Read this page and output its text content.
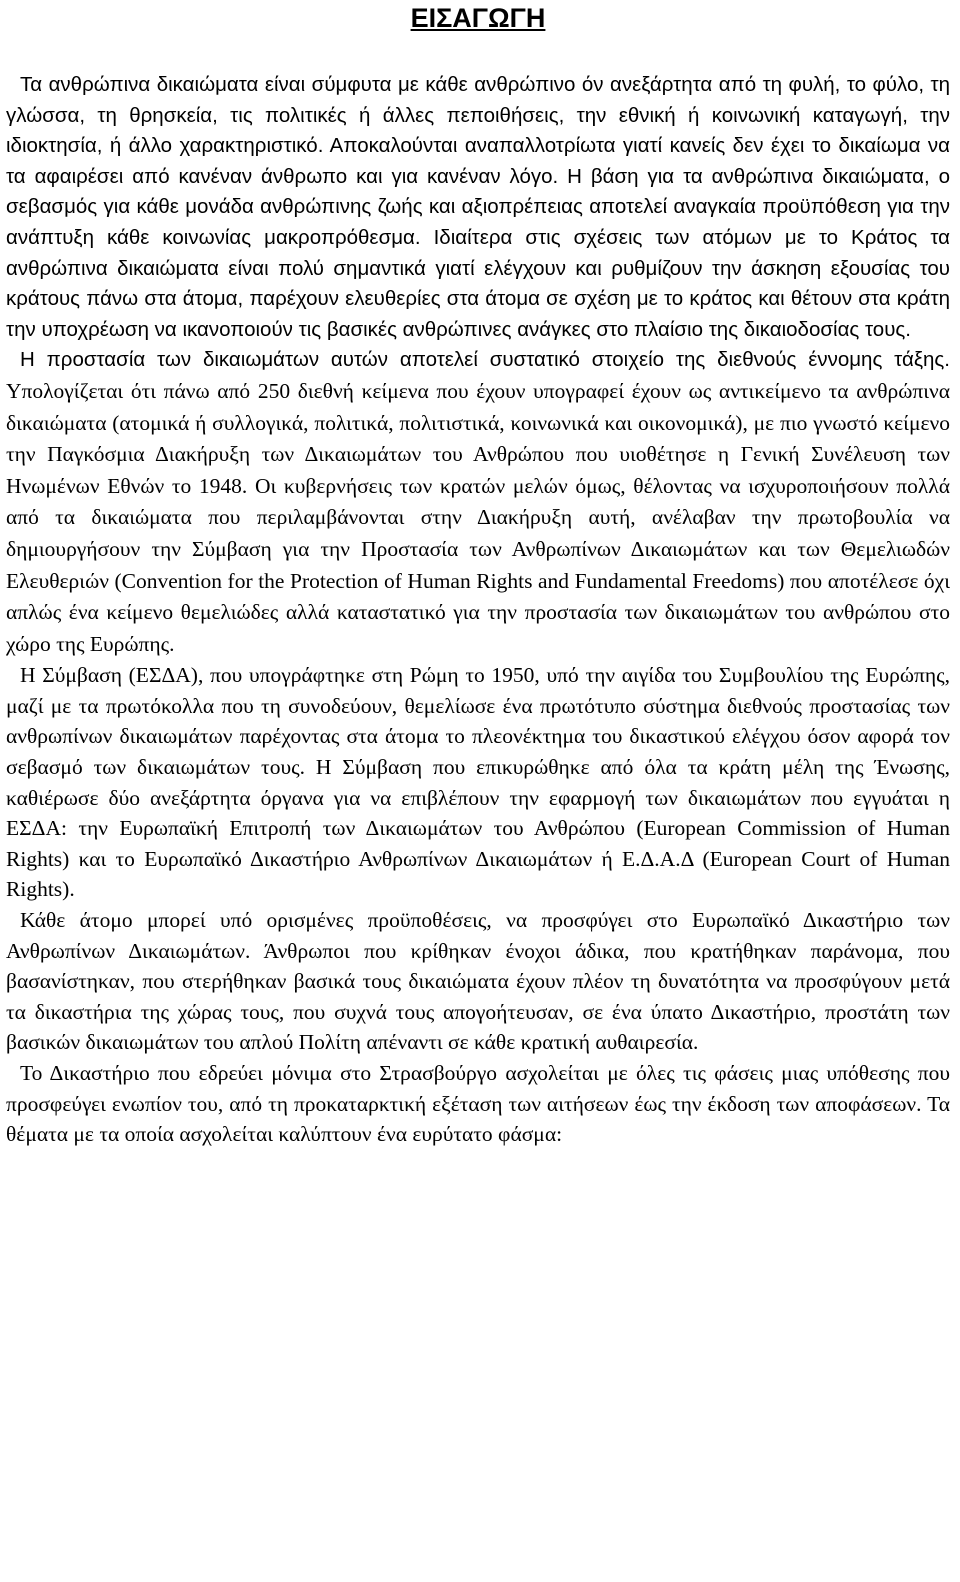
ΕΙΣΑΓΩΓΗ

Τα ανθρώπινα δικαιώματα είναι σύμφυτα με κάθε ανθρώπινο όν ανεξάρτητα από τη φυλή, το φύλο, τη γλώσσα, τη θρησκεία, τις πολιτικές ή άλλες πεποιθήσεις, την εθνική ή κοινωνική καταγωγή, την ιδιοκτησία, ή άλλο χαρακτηριστικό. Αποκαλούνται αναπαλλοτρίωτα γιατί κανείς δεν έχει το δικαίωμα να τα αφαιρέσει από κανέναν άνθρωπο και για κανέναν λόγο. Η βάση για τα ανθρώπινα δικαιώματα, ο σεβασμός για κάθε μονάδα ανθρώπινης ζωής και αξιοπρέπειας αποτελεί αναγκαία προϋπόθεση για την ανάπτυξη κάθε κοινωνίας μακροπρόθεσμα. Ιδιαίτερα στις σχέσεις των ατόμων με το Κράτος τα ανθρώπινα δικαιώματα είναι πολύ σημαντικά γιατί ελέγχουν και ρυθμίζουν την άσκηση εξουσίας του κράτους πάνω στα άτομα, παρέχουν ελευθερίες στα άτομα σε σχέση με το κράτος και θέτουν στα κράτη την υποχρέωση να ικανοποιούν τις βασικές ανθρώπινες ανάγκες στο πλαίσιο της δικαιοδοσίας τους.

Η προστασία των δικαιωμάτων αυτών αποτελεί συστατικό στοιχείο της διεθνούς έννομης τάξης. Υπολογίζεται ότι πάνω από 250 διεθνή κείμενα που έχουν υπογραφεί έχουν ως αντικείμενο τα ανθρώπινα δικαιώματα (ατομικά ή συλλογικά, πολιτικά, πολιτιστικά, κοινωνικά και οικονομικά), με πιο γνωστό κείμενο την Παγκόσμια Διακήρυξη των Δικαιωμάτων του Ανθρώπου που υιοθέτησε η Γενική Συνέλευση των Ηνωμένων Εθνών το 1948. Οι κυβερνήσεις των κρατών μελών όμως, θέλοντας να ισχυροποιήσουν πολλά από τα δικαιώματα που περιλαμβάνονται στην Διακήρυξη αυτή, ανέλαβαν την πρωτοβουλία να δημιουργήσουν την Σύμβαση για την Προστασία των Ανθρωπίνων Δικαιωμάτων και των Θεμελιωδών Ελευθεριών (Convention for the Protection of Human Rights and Fundamental Freedoms) που αποτέλεσε όχι απλώς ένα κείμενο θεμελιώδες αλλά καταστατικό για την προστασία των δικαιωμάτων του ανθρώπου στο χώρο της Ευρώπης.

Η Σύμβαση (ΕΣΔΑ), που υπογράφτηκε στη Ρώμη το 1950, υπό την αιγίδα του Συμβουλίου της Ευρώπης, μαζί με τα πρωτόκολλα που τη συνοδεύουν, θεμελίωσε ένα πρωτότυπο σύστημα διεθνούς προστασίας των ανθρωπίνων δικαιωμάτων παρέχοντας στα άτομα το πλεονέκτημα του δικαστικού ελέγχου όσον αφορά τον σεβασμό των δικαιωμάτων τους. Η Σύμβαση που επικυρώθηκε από όλα τα κράτη μέλη της Ένωσης, καθιέρωσε δύο ανεξάρτητα όργανα για να επιβλέπουν την εφαρμογή των δικαιωμάτων που εγγυάται η ΕΣΔΑ: την Ευρωπαϊκή Επιτροπή των Δικαιωμάτων του Ανθρώπου (European Commission of Human Rights) και το Ευρωπαϊκό Δικαστήριο Ανθρωπίνων Δικαιωμάτων ή Ε.Δ.Α.Δ (European Court of Human Rights).

Κάθε άτομο μπορεί υπό ορισμένες προϋποθέσεις, να προσφύγει στο Ευρωπαϊκό Δικαστήριο των Ανθρωπίνων Δικαιωμάτων. Άνθρωποι που κρίθηκαν ένοχοι άδικα, που κρατήθηκαν παράνομα, που βασανίστηκαν, που στερήθηκαν βασικά τους δικαιώματα έχουν πλέον τη δυνατότητα να προσφύγουν μετά τα δικαστήρια της χώρας τους, που συχνά τους απογοήτευσαν, σε ένα ύπατο Δικαστήριο, προστάτη των βασικών δικαιωμάτων του απλού Πολίτη απέναντι σε κάθε κρατική αυθαιρεσία.

Το Δικαστήριο που εδρεύει μόνιμα στο Στρασβούργο ασχολείται με όλες τις φάσεις μιας υπόθεσης που προσφεύγει ενωπίον του, από τη προκαταρκτική εξέταση των αιτήσεων έως την έκδοση των αποφάσεων. Τα θέματα με τα οποία ασχολείται καλύπτουν ένα ευρύτατο φάσμα:
